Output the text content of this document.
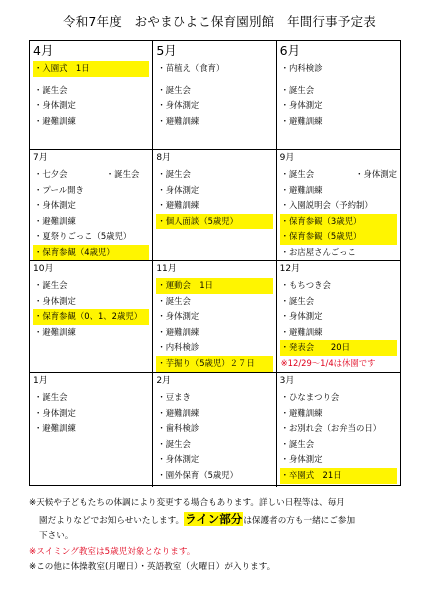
令和7年度　おやまひよこ保育園別館　年間行事予定表
4月
・入園式　1日
・誕生会
・身体測定
・避難訓練
5月
・苗植え（食育）
・誕生会
・身体測定
・避難訓練
6月
・内科検診
・誕生会
・身体測定
・避難訓練
7月
・七夕会	・誕生会
・プール開き
・身体測定
・避難訓練
・夏祭りごっこ（5歳児）
・保育参観（4歳児）
8月
・誕生会
・身体測定
・避難訓練
・個人面談（5歳児）
9月
・誕生会	・身体測定
・避難訓練
・入園説明会（予約制）
・保育参観（3歳児）
・保育参観（5歳児）
・お店屋さんごっこ
10月
・誕生会
・身体測定
・保育参観（0、1、2歳児）
・避難訓練
11月
・運動会　1日
・誕生会
・身体測定
・避難訓練
・内科検診
・芋掘り（5歳児）２７日
12月
・もちつき会
・誕生会
・身体測定
・避難訓練
・発表会　　20日
※12/29～1/4は休園です
1月
・誕生会
・身体測定
・避難訓練
2月
・豆まき
・避難訓練
・歯科検診
・誕生会
・身体測定
・園外保育（5歳児）
3月
・ひなまつり会
・避難訓練
・お別れ会（お弁当の日）
・誕生会
・身体測定
・卒園式　21日
※天候や子どもたちの体調により変更する場合もあります。詳しい日程等は、毎月
園だよりなどでお知らせいたします。ライン部分は保護者の方も一緒にご参加
下さい。
※スイミング教室は5歳児対象となります。
※この他に体操教室(月曜日）・英語教室（火曜日）が入ります。
